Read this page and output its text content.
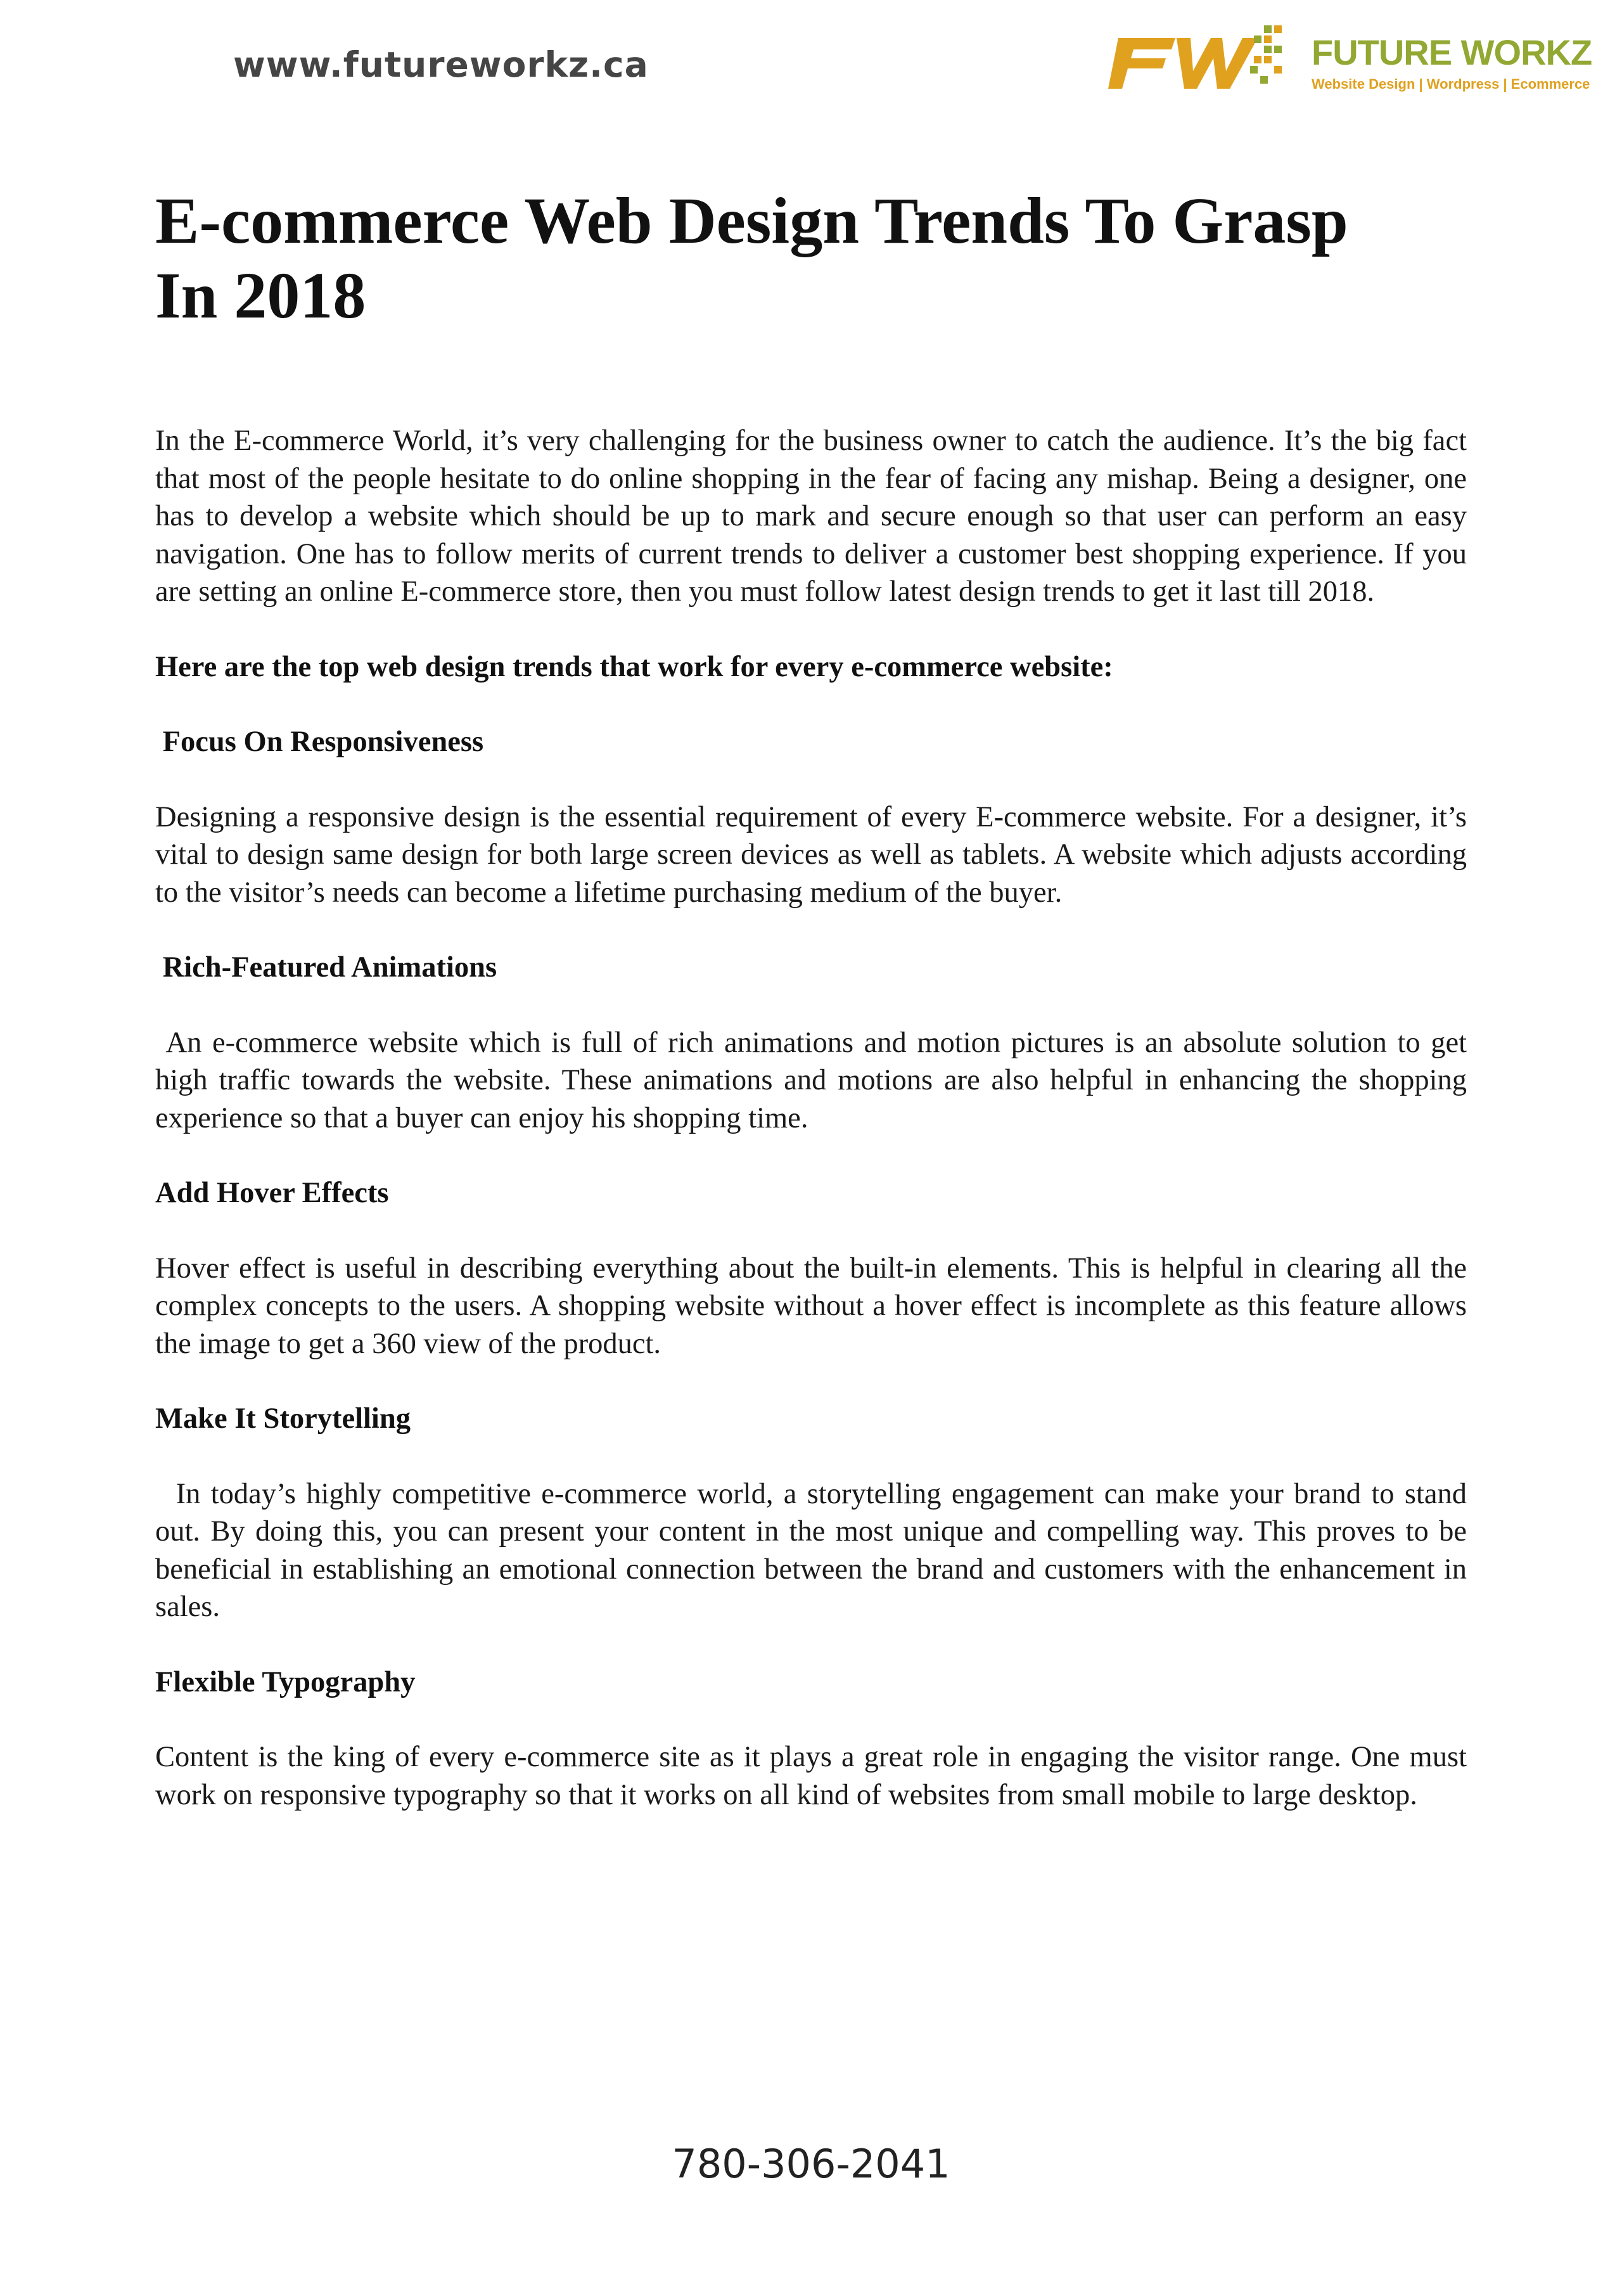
www.futureworkz.ca	FUTURE WORKZ
Website Design | Wordpress | Ecommerce
E-commerce Web Design Trends To Grasp In 2018

In the E-commerce World, it’s very challenging for the business owner to catch the audience. It’s the big fact that most of the people hesitate to do online shopping in the fear of facing any mishap. Being a designer, one has to develop a website which should be up to mark and secure enough so that user can perform an easy navigation. One has to follow merits of current trends to deliver a customer best shopping experience. If you are setting an online E-commerce store, then you must follow latest design trends to get it last till 2018.

Here are the top web design trends that work for every e-commerce website:

Focus On Responsiveness

Designing a responsive design is the essential requirement of every E-commerce website. For a designer, it’s vital to design same design for both large screen devices as well as tablets. A website which adjusts according to the visitor’s needs can become a lifetime purchasing medium of the buyer.

Rich-Featured Animations

An e-commerce website which is full of rich animations and motion pictures is an absolute solution to get high traffic towards the website. These animations and motions are also helpful in enhancing the shopping experience so that a buyer can enjoy his shopping time.

Add Hover Effects

Hover effect is useful in describing everything about the built-in elements. This is helpful in clearing all the complex concepts to the users. A shopping website without a hover effect is incomplete as this feature allows the image to get a 360 view of the product.

Make It Storytelling

In today’s highly competitive e-commerce world, a storytelling engagement can make your brand to stand out. By doing this, you can present your content in the most unique and compelling way. This proves to be beneficial in establishing an emotional connection between the brand and customers with the enhancement in sales.

Flexible Typography

Content is the king of every e-commerce site as it plays a great role in engaging the visitor range. One must work on responsive typography so that it works on all kind of websites from small mobile to large desktop.

780-306-2041
